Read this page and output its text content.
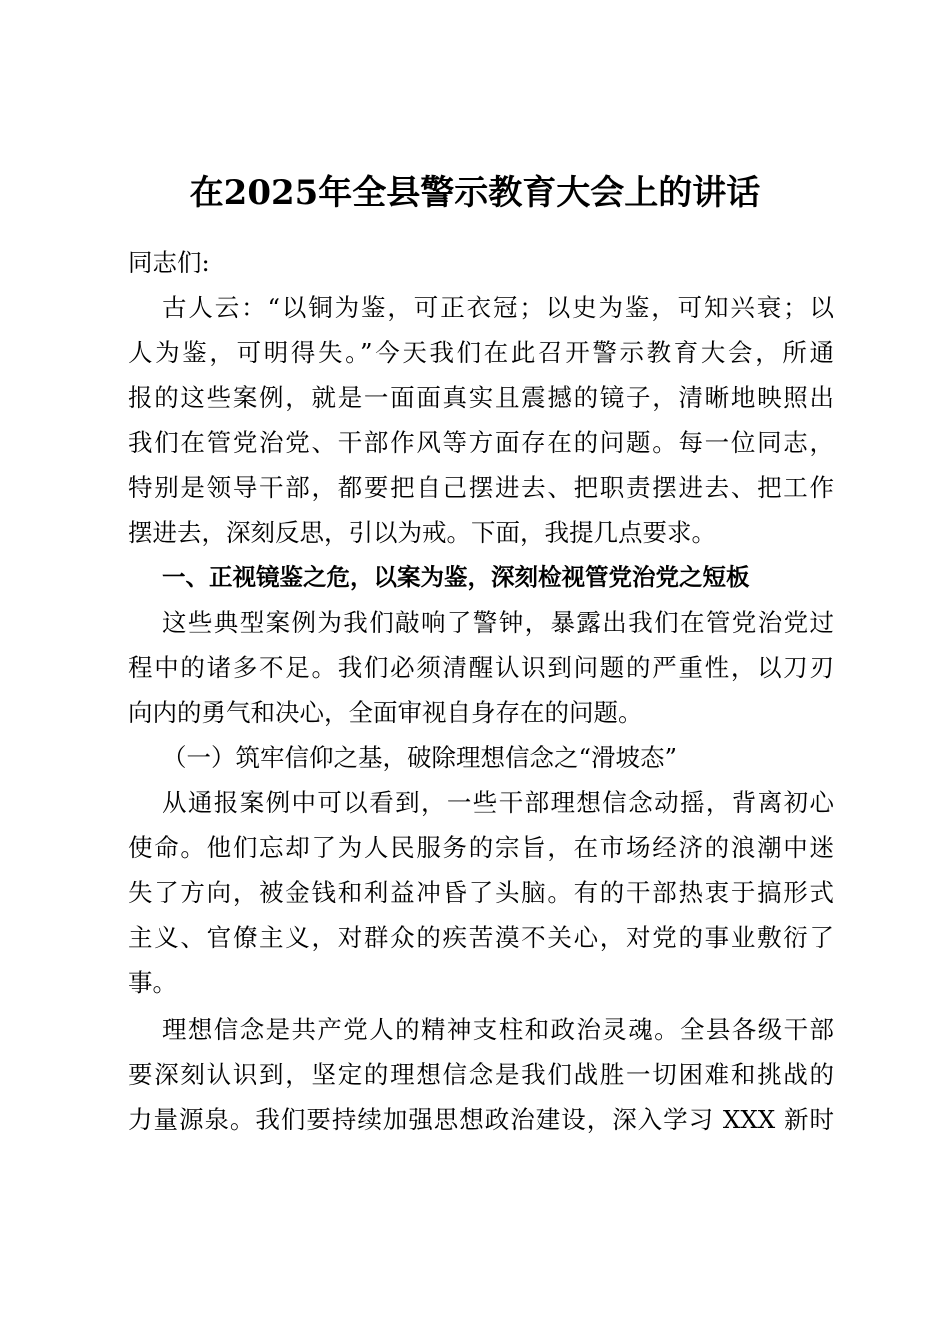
在2025年全县警示教育大会上的讲话
同志们:
古人云：“以铜为鉴，可正衣冠；以史为鉴，可知兴衰；以
人为鉴，可明得失。”今天我们在此召开警示教育大会，所通
报的这些案例，就是一面面真实且震撼的镜子，清晰地映照出
我们在管党治党、干部作风等方面存在的问题。每一位同志，
特别是领导干部，都要把自己摆进去、把职责摆进去、把工作
摆进去，深刻反思，引以为戒。下面，我提几点要求。
一、正视镜鉴之危，以案为鉴，深刻检视管党治党之短板
这些典型案例为我们敲响了警钟，暴露出我们在管党治党过
程中的诸多不足。我们必须清醒认识到问题的严重性，以刀刃
向内的勇气和决心，全面审视自身存在的问题。
（一）筑牢信仰之基，破除理想信念之“滑坡态”
从通报案例中可以看到，一些干部理想信念动摇，背离初心
使命。他们忘却了为人民服务的宗旨，在市场经济的浪潮中迷
失了方向，被金钱和利益冲昏了头脑。有的干部热衷于搞形式
主义、官僚主义，对群众的疾苦漠不关心，对党的事业敷衍了
事。
理想信念是共产党人的精神支柱和政治灵魂。全县各级干部
要深刻认识到，坚定的理想信念是我们战胜一切困难和挑战的
力量源泉。我们要持续加强思想政治建设，深入学习 XXX 新时
